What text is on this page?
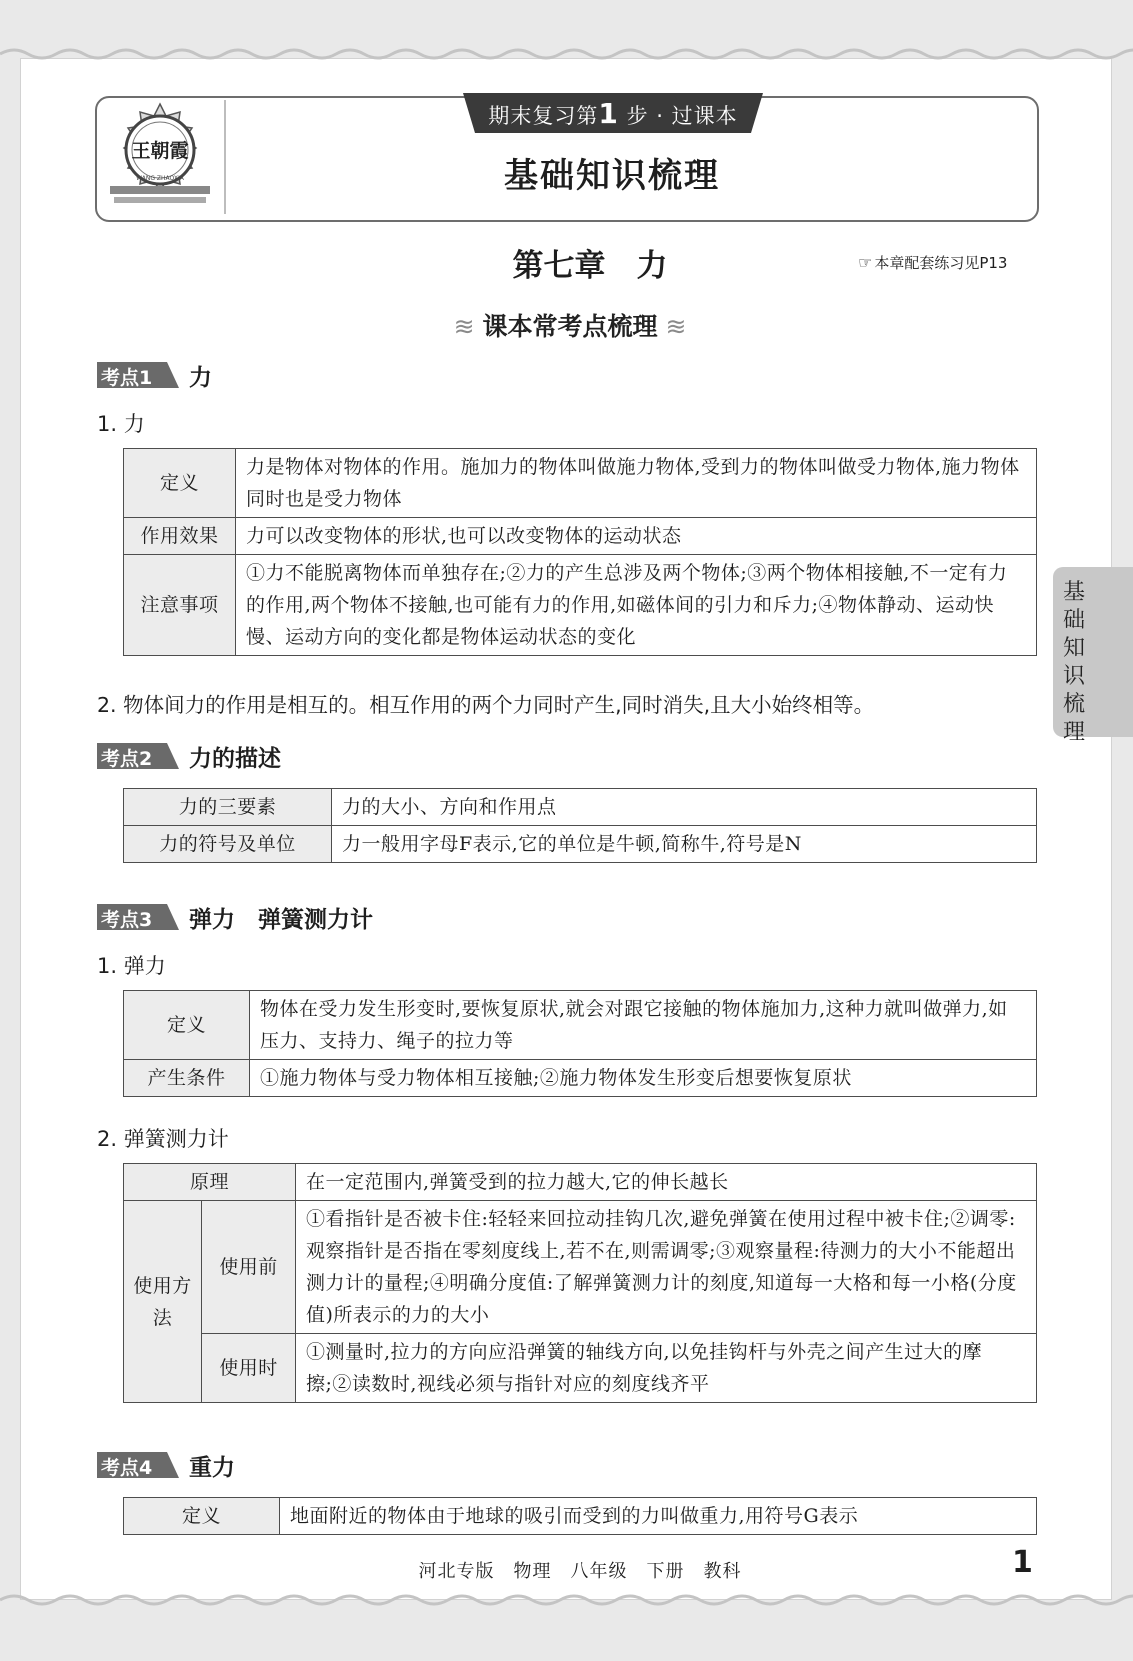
王朝霞
WANG ZHAOXIA
期末复习第1 步 · 过课本
基础知识梳理
第七章　力	☞ 本章配套练习见P13
≋ 课本常考点梳理 ≋
基础知识梳理
考点1 力
1. 力
定义	力是物体对物体的作用。施加力的物体叫做施力物体,受到力的物体叫做受力物体,施力物体同时也是受力物体
作用效果	力可以改变物体的形状,也可以改变物体的运动状态
注意事项	①力不能脱离物体而单独存在;②力的产生总涉及两个物体;③两个物体相接触,不一定有力的作用,两个物体不接触,也可能有力的作用,如磁体间的引力和斥力;④物体静动、运动快慢、运动方向的变化都是物体运动状态的变化
2. 物体间力的作用是相互的。相互作用的两个力同时产生,同时消失,且大小始终相等。
考点2 力的描述
力的三要素	力的大小、方向和作用点
力的符号及单位	力一般用字母F表示,它的单位是牛顿,简称牛,符号是N
考点3 弹力　弹簧测力计
1. 弹力
定义	物体在受力发生形变时,要恢复原状,就会对跟它接触的物体施加力,这种力就叫做弹力,如压力、支持力、绳子的拉力等
产生条件	①施力物体与受力物体相互接触;②施力物体发生形变后想要恢复原状
2. 弹簧测力计
原理		在一定范围内,弹簧受到的拉力越大,它的伸长越长
使用方法	使用前	①看指针是否被卡住:轻轻来回拉动挂钩几次,避免弹簧在使用过程中被卡住;②调零:观察指针是否指在零刻度线上,若不在,则需调零;③观察量程:待测力的大小不能超出测力计的量程;④明确分度值:了解弹簧测力计的刻度,知道每一大格和每一小格(分度值)所表示的力的大小
	使用时	①测量时,拉力的方向应沿弹簧的轴线方向,以免挂钩杆与外壳之间产生过大的摩擦;②读数时,视线必须与指针对应的刻度线齐平
考点4 重力
定义	地面附近的物体由于地球的吸引而受到的力叫做重力,用符号G表示
河北专版　物理　八年级　下册　教科	1
